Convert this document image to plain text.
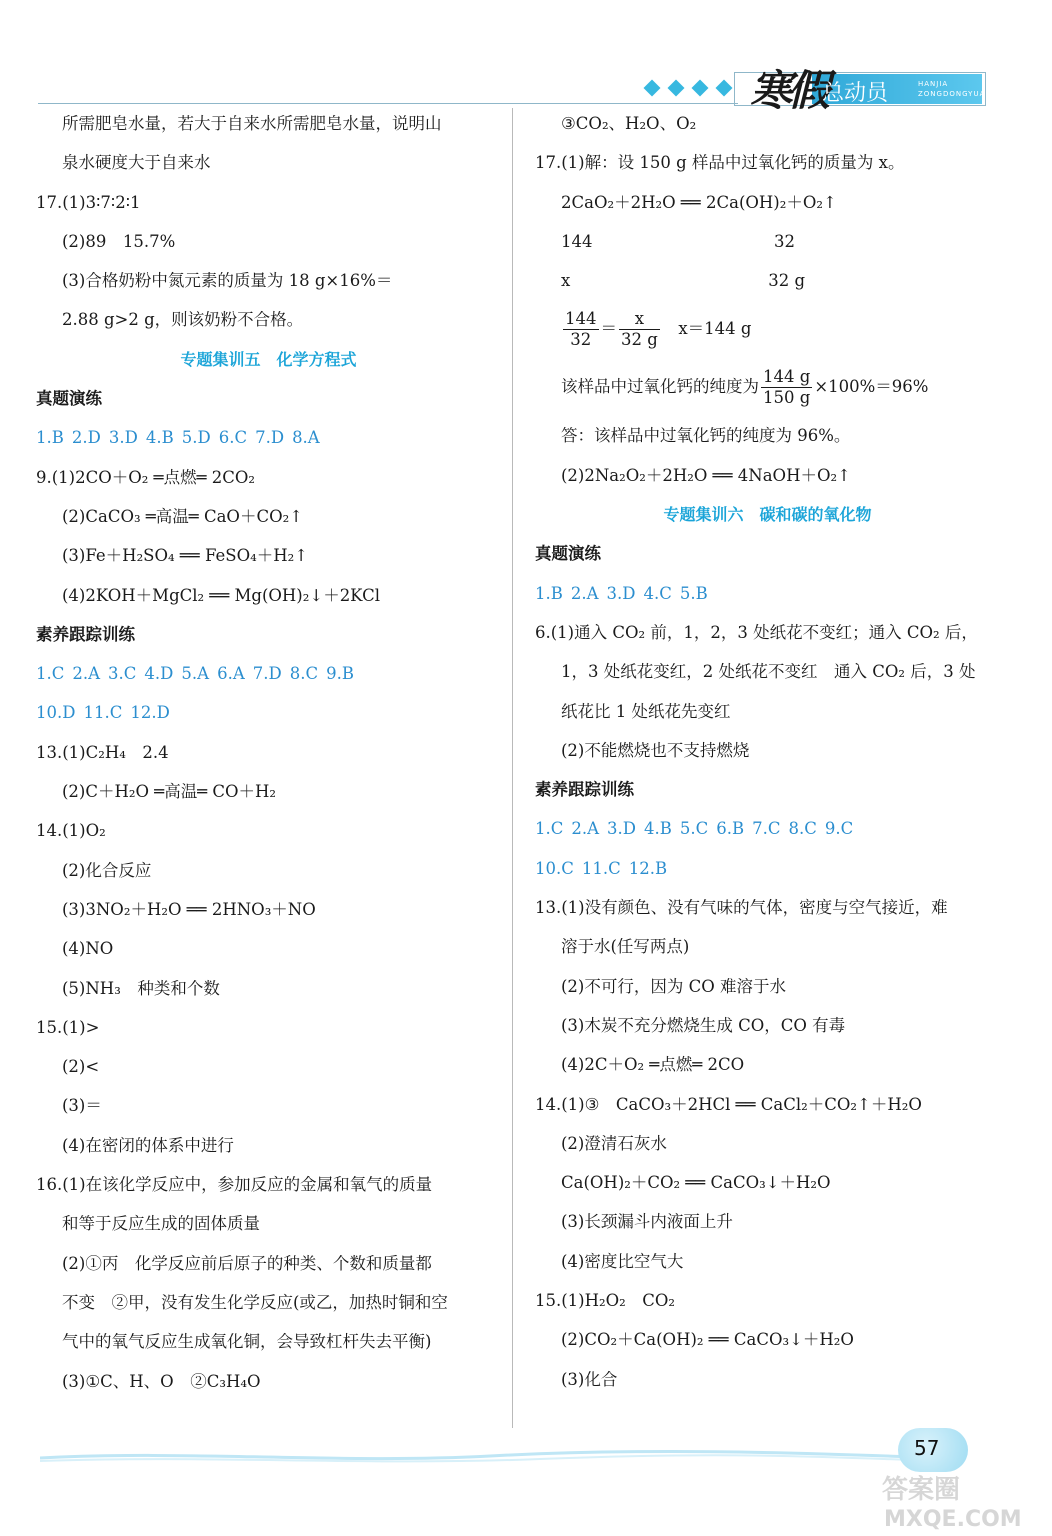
寒假
总动员	HANJIA
ZONGDONGYUAN
所需肥皂水量，若大于自来水所需肥皂水量，说明山
泉水硬度大于自来水
17.(1)3∶7∶2∶1
(2)89　15.7%
(3)合格奶粉中氮元素的质量为 18 g×16%＝
2.88 g>2 g，则该奶粉不合格。
专题集训五　化学方程式
真题演练
1.B 2.D 3.D 4.B 5.D 6.C 7.D 8.A
9.(1)2CO＋O₂ ═点燃═ 2CO₂
(2)CaCO₃ ═高温═ CaO＋CO₂↑
(3)Fe＋H₂SO₄ ══ FeSO₄＋H₂↑
(4)2KOH＋MgCl₂ ══ Mg(OH)₂↓＋2KCl
素养跟踪训练
1.C 2.A 3.C 4.D 5.A 6.A 7.D 8.C 9.B
10.D 11.C 12.D
13.(1)C₂H₄　2.4
(2)C＋H₂O ═高温═ CO＋H₂
14.(1)O₂
(2)化合反应
(3)3NO₂＋H₂O ══ 2HNO₃＋NO
(4)NO
(5)NH₃　种类和个数
15.(1)>
(2)<
(3)＝
(4)在密闭的体系中进行
16.(1)在该化学反应中，参加反应的金属和氧气的质量
和等于反应生成的固体质量
(2)①丙　化学反应前后原子的种类、个数和质量都
不变　②甲，没有发生化学反应(或乙，加热时铜和空
气中的氧气反应生成氧化铜，会导致杠杆失去平衡)
(3)①C、H、O　②C₃H₄O
③CO₂、H₂O、O₂
17.(1)解：设 150 g 样品中过氧化钙的质量为 x。
2CaO₂＋2H₂O ══ 2Ca(OH)₂＋O₂↑
144　　　　　　　　　　　32
x　　　　　　　　　　　　32 g
$\frac{144}{32} = \frac{x}{32 g}$ 　x＝144 g
该样品中过氧化钙的纯度为 $\frac{144 g}{150 g} \times 100\%=96\%$
答：该样品中过氧化钙的纯度为 96%。
(2)2Na₂O₂＋2H₂O ══ 4NaOH＋O₂↑
专题集训六　碳和碳的氧化物
真题演练
1.B 2.A 3.D 4.C 5.B
6.(1)通入 CO₂ 前，1，2，3 处纸花不变红；通入 CO₂ 后，
1，3 处纸花变红，2 处纸花不变红　通入 CO₂ 后，3 处
纸花比 1 处纸花先变红
(2)不能燃烧也不支持燃烧
素养跟踪训练
1.C 2.A 3.D 4.B 5.C 6.B 7.C 8.C 9.C
10.C 11.C 12.B
13.(1)没有颜色、没有气味的气体，密度与空气接近，难
溶于水(任写两点)
(2)不可行，因为 CO 难溶于水
(3)木炭不充分燃烧生成 CO，CO 有毒
(4)2C＋O₂ ═点燃═ 2CO
14.(1)③　CaCO₃＋2HCl ══ CaCl₂＋CO₂↑＋H₂O
(2)澄清石灰水
Ca(OH)₂＋CO₂ ══ CaCO₃↓＋H₂O
(3)长颈漏斗内液面上升
(4)密度比空气大
15.(1)H₂O₂　CO₂
(2)CO₂＋Ca(OH)₂ ══ CaCO₃↓＋H₂O
(3)化合
57
答案圈
MXQE.COM
